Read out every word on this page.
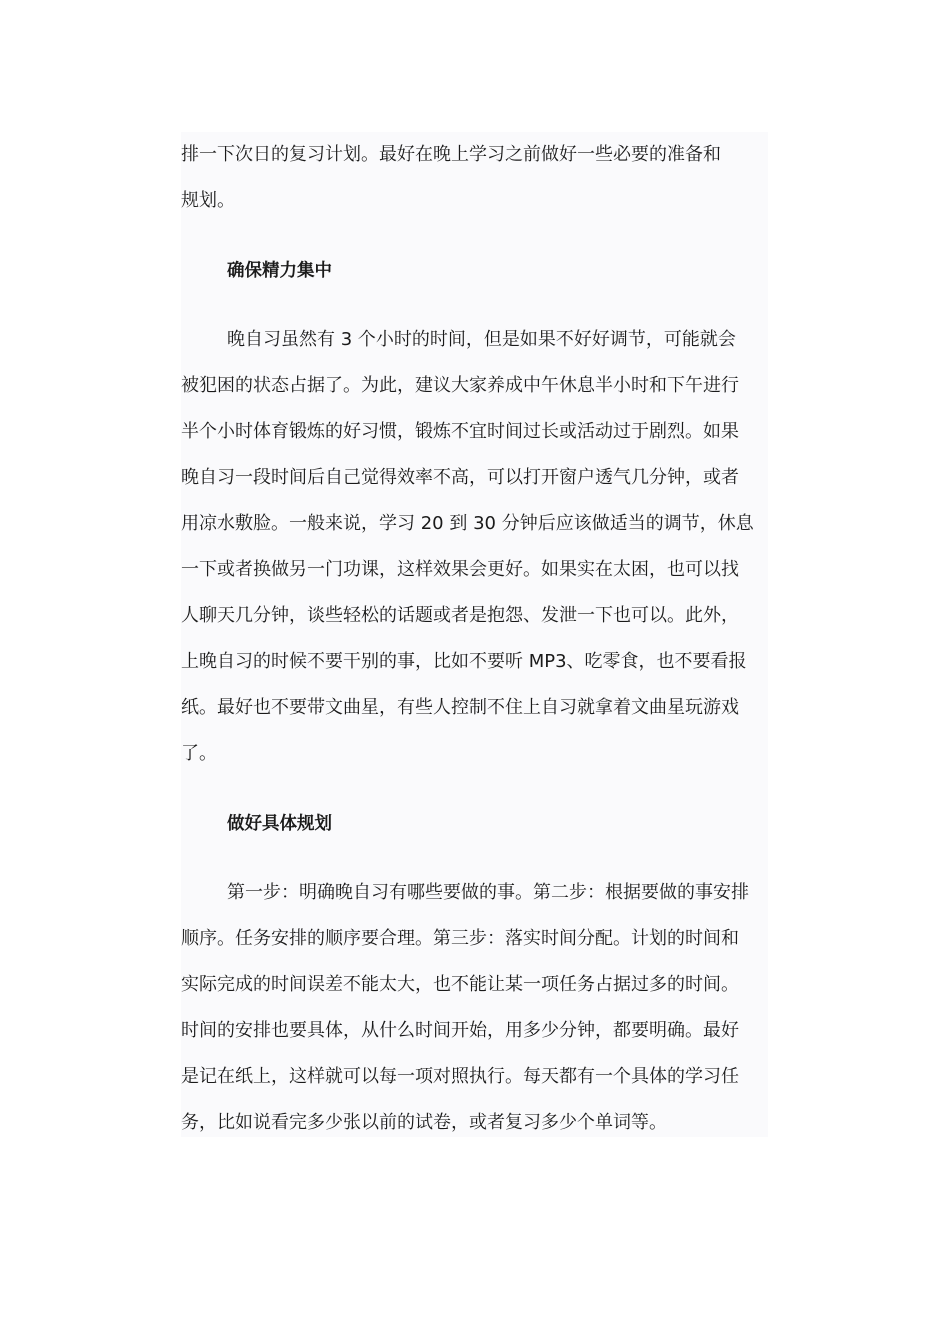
排一下次日的复习计划。最好在晚上学习之前做好一些必要的准备和
规划。
确保精力集中
晚自习虽然有 3 个小时的时间，但是如果不好好调节，可能就会
被犯困的状态占据了。为此，建议大家养成中午休息半小时和下午进行
半个小时体育锻炼的好习惯，锻炼不宜时间过长或活动过于剧烈。如果
晚自习一段时间后自己觉得效率不高，可以打开窗户透气几分钟，或者
用凉水敷脸。一般来说，学习 20 到 30 分钟后应该做适当的调节，休息
一下或者换做另一门功课，这样效果会更好。如果实在太困，也可以找
人聊天几分钟，谈些轻松的话题或者是抱怨、发泄一下也可以。此外，
上晚自习的时候不要干别的事，比如不要听 MP3、吃零食，也不要看报
纸。最好也不要带文曲星，有些人控制不住上自习就拿着文曲星玩游戏
了。
做好具体规划
第一步：明确晚自习有哪些要做的事。第二步：根据要做的事安排
顺序。任务安排的顺序要合理。第三步：落实时间分配。计划的时间和
实际完成的时间误差不能太大，也不能让某一项任务占据过多的时间。
时间的安排也要具体，从什么时间开始，用多少分钟，都要明确。最好
是记在纸上，这样就可以每一项对照执行。每天都有一个具体的学习任
务，比如说看完多少张以前的试卷，或者复习多少个单词等。
